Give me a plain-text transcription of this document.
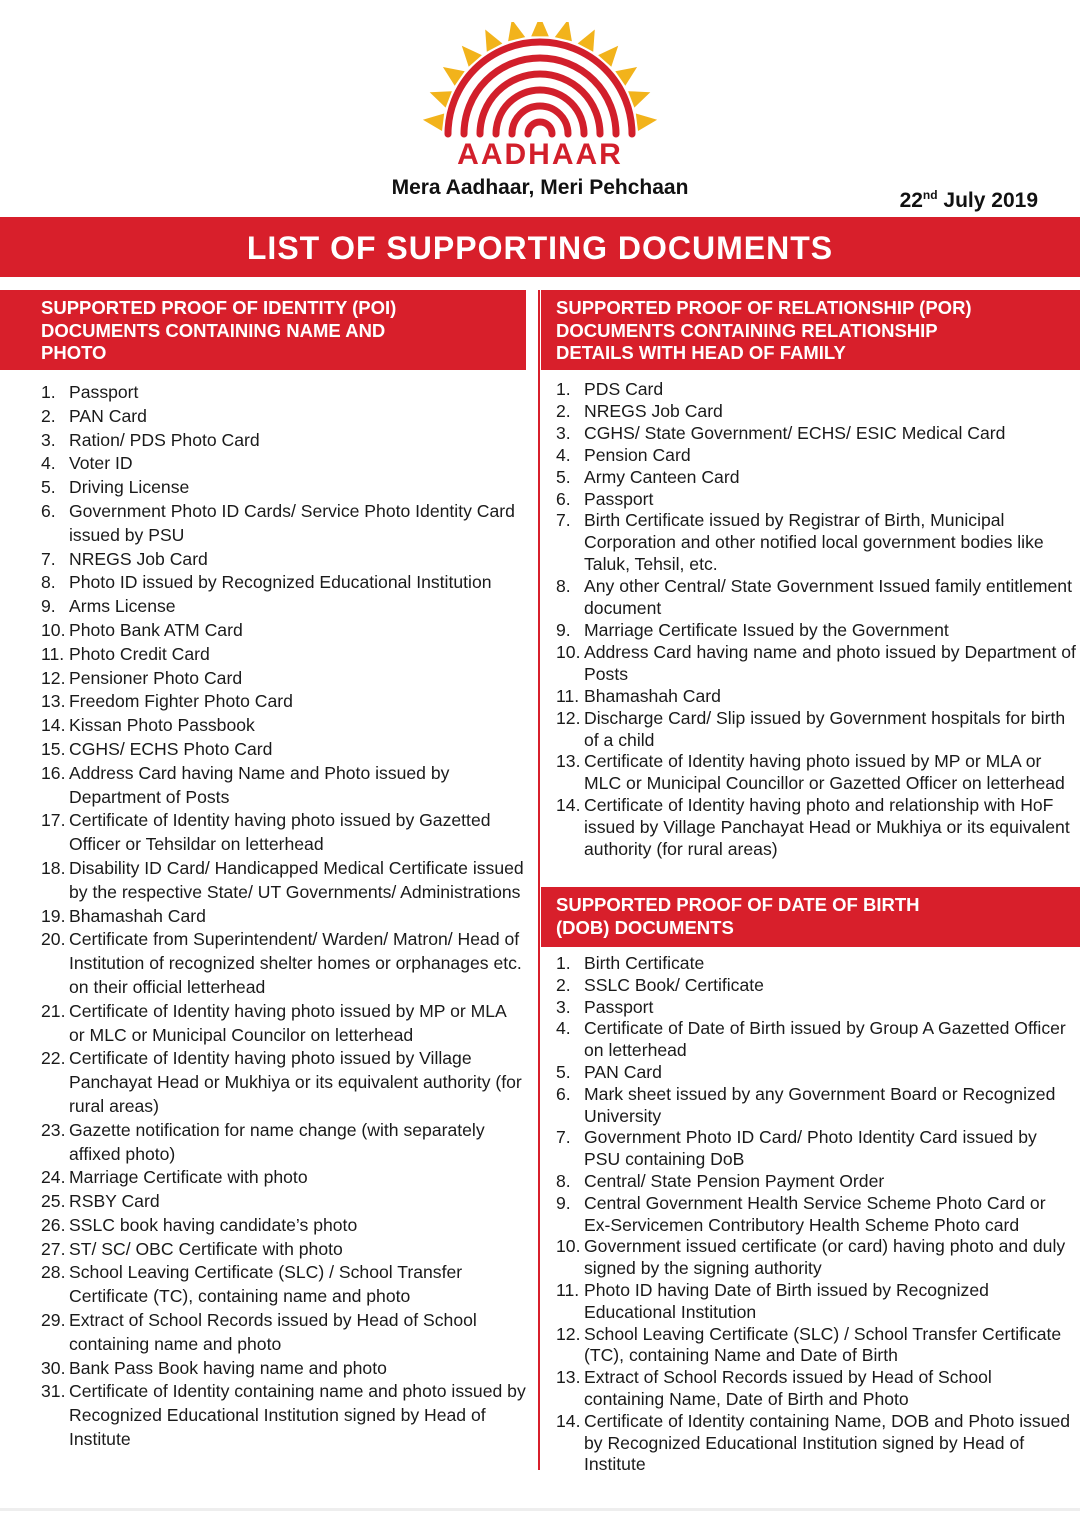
AADHAAR
Mera Aadhaar, Meri Pehchaan
22nd July 2019
LIST OF SUPPORTING DOCUMENTS
SUPPORTED PROOF OF IDENTITY (POI)
DOCUMENTS CONTAINING NAME AND
PHOTO
1. Passport
2. PAN Card
3. Ration/ PDS Photo Card
4. Voter ID
5. Driving License
6. Government Photo ID Cards/ Service Photo Identity Card issued by PSU
7. NREGS Job Card
8. Photo ID issued by Recognized Educational Institution
9. Arms License
10. Photo Bank ATM Card
11. Photo Credit Card
12. Pensioner Photo Card
13. Freedom Fighter Photo Card
14. Kissan Photo Passbook
15. CGHS/ ECHS Photo Card
16. Address Card having Name and Photo issued by Department of Posts
17. Certificate of Identity having photo issued by Gazetted Officer or Tehsildar on letterhead
18. Disability ID Card/ Handicapped Medical Certificate issued by the respective State/ UT Governments/ Administrations
19. Bhamashah Card
20. Certificate from Superintendent/ Warden/ Matron/ Head of Institution of recognized shelter homes or orphanages etc. on their official letterhead
21. Certificate of Identity having photo issued by MP or MLA or MLC or Municipal Councilor on letterhead
22. Certificate of Identity having photo issued by Village Panchayat Head or Mukhiya or its equivalent authority (for rural areas)
23. Gazette notification for name change (with separately affixed photo)
24. Marriage Certificate with photo
25. RSBY Card
26. SSLC book having candidate’s photo
27. ST/ SC/ OBC Certificate with photo
28. School Leaving Certificate (SLC) / School Transfer Certificate (TC), containing name and photo
29. Extract of School Records issued by Head of School containing name and photo
30. Bank Pass Book having name and photo
31. Certificate of Identity containing name and photo issued by Recognized Educational Institution signed by Head of Institute
SUPPORTED PROOF OF RELATIONSHIP (POR)
DOCUMENTS CONTAINING RELATIONSHIP
DETAILS WITH HEAD OF FAMILY
1. PDS Card
2. NREGS Job Card
3. CGHS/ State Government/ ECHS/ ESIC Medical Card
4. Pension Card
5. Army Canteen Card
6. Passport
7. Birth Certificate issued by Registrar of Birth, Municipal Corporation and other notified local government bodies like Taluk, Tehsil, etc.
8. Any other Central/ State Government Issued family entitlement document
9. Marriage Certificate Issued by the Government
10. Address Card having name and photo issued by Department of Posts
11. Bhamashah Card
12. Discharge Card/ Slip issued by Government hospitals for birth of a child
13. Certificate of Identity having photo issued by MP or MLA or MLC or Municipal Councillor or Gazetted Officer on letterhead
14. Certificate of Identity having photo and relationship with HoF issued by Village Panchayat Head or Mukhiya or its equivalent authority (for rural areas)
SUPPORTED PROOF OF DATE OF BIRTH
(DOB) DOCUMENTS
1. Birth Certificate
2. SSLC Book/ Certificate
3. Passport
4. Certificate of Date of Birth issued by Group A Gazetted Officer on letterhead
5. PAN Card
6. Mark sheet issued by any Government Board or Recognized University
7. Government Photo ID Card/ Photo Identity Card issued by PSU containing DoB
8. Central/ State Pension Payment Order
9. Central Government Health Service Scheme Photo Card or Ex-Servicemen Contributory Health Scheme Photo card
10. Government issued certificate (or card) having photo and duly signed by the signing authority
11. Photo ID having Date of Birth issued by Recognized Educational Institution
12. School Leaving Certificate (SLC) / School Transfer Certificate (TC), containing Name and Date of Birth
13. Extract of School Records issued by Head of School containing Name, Date of Birth and Photo
14. Certificate of Identity containing Name, DOB and Photo issued by Recognized Educational Institution signed by Head of Institute
